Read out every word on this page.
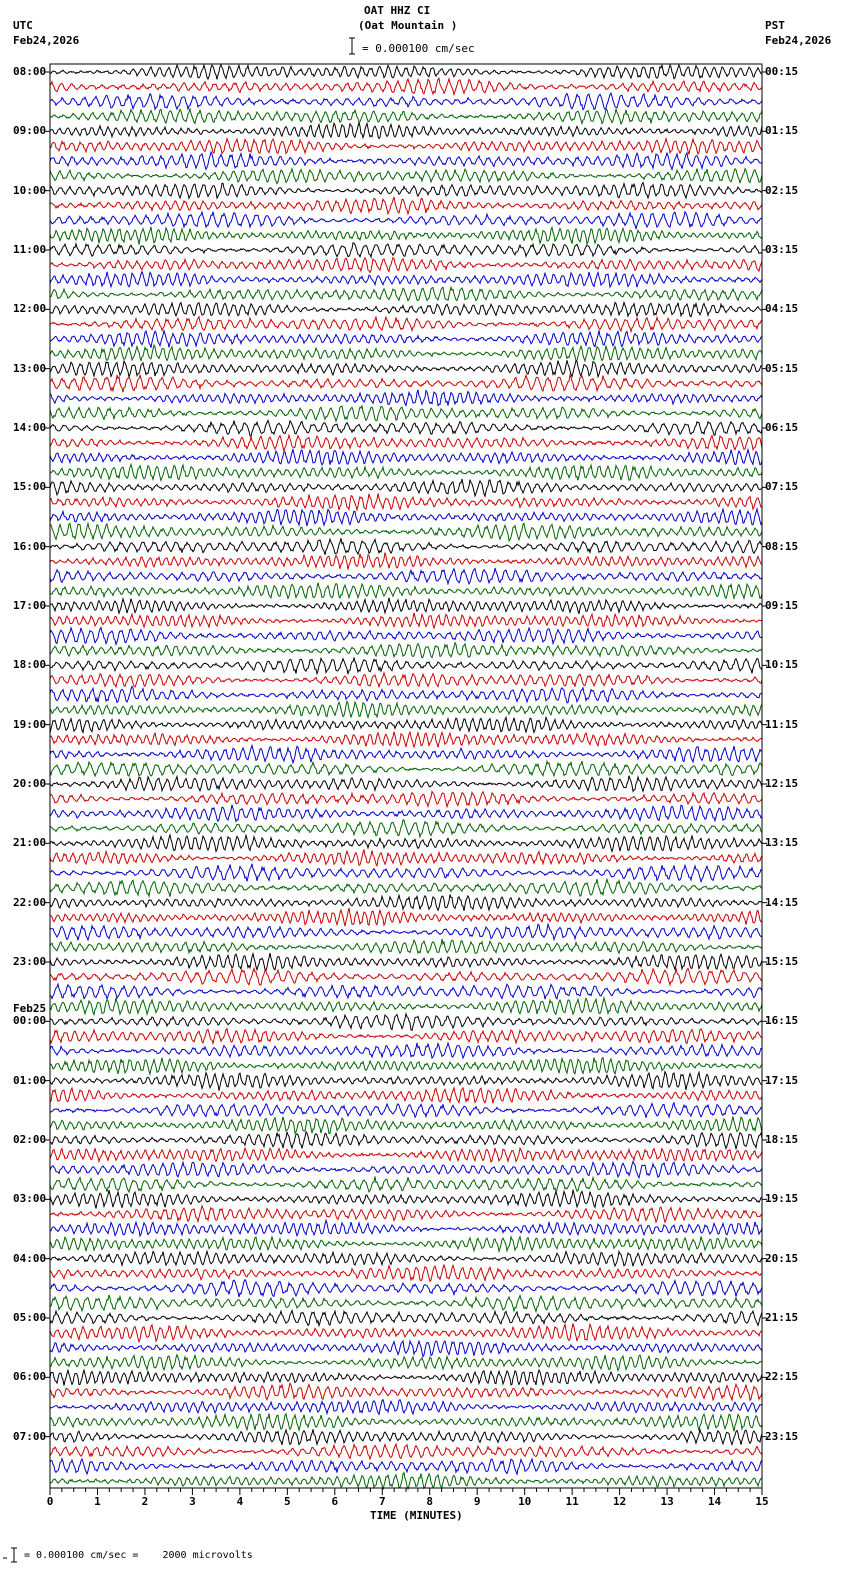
OAT HHZ CI
(Oat Mountain )
UTC
Feb24,2026
PST
Feb24,2026
= 0.000100 cm/sec
08:00
09:00
10:00
11:00
12:00
13:00
14:00
15:00
16:00
17:00
18:00
19:00
20:00
21:00
22:00
23:00
00:00
01:00
02:00
03:00
04:00
05:00
06:00
07:00
00:15
01:15
02:15
03:15
04:15
05:15
06:15
07:15
08:15
09:15
10:15
11:15
12:15
13:15
14:15
15:15
16:15
17:15
18:15
19:15
20:15
21:15
22:15
23:15
Feb25
0	1	2	3	4	5	6	7	8	9	10	11	12	13	14	15
TIME (MINUTES)
= 0.000100 cm/sec =    2000 microvolts
